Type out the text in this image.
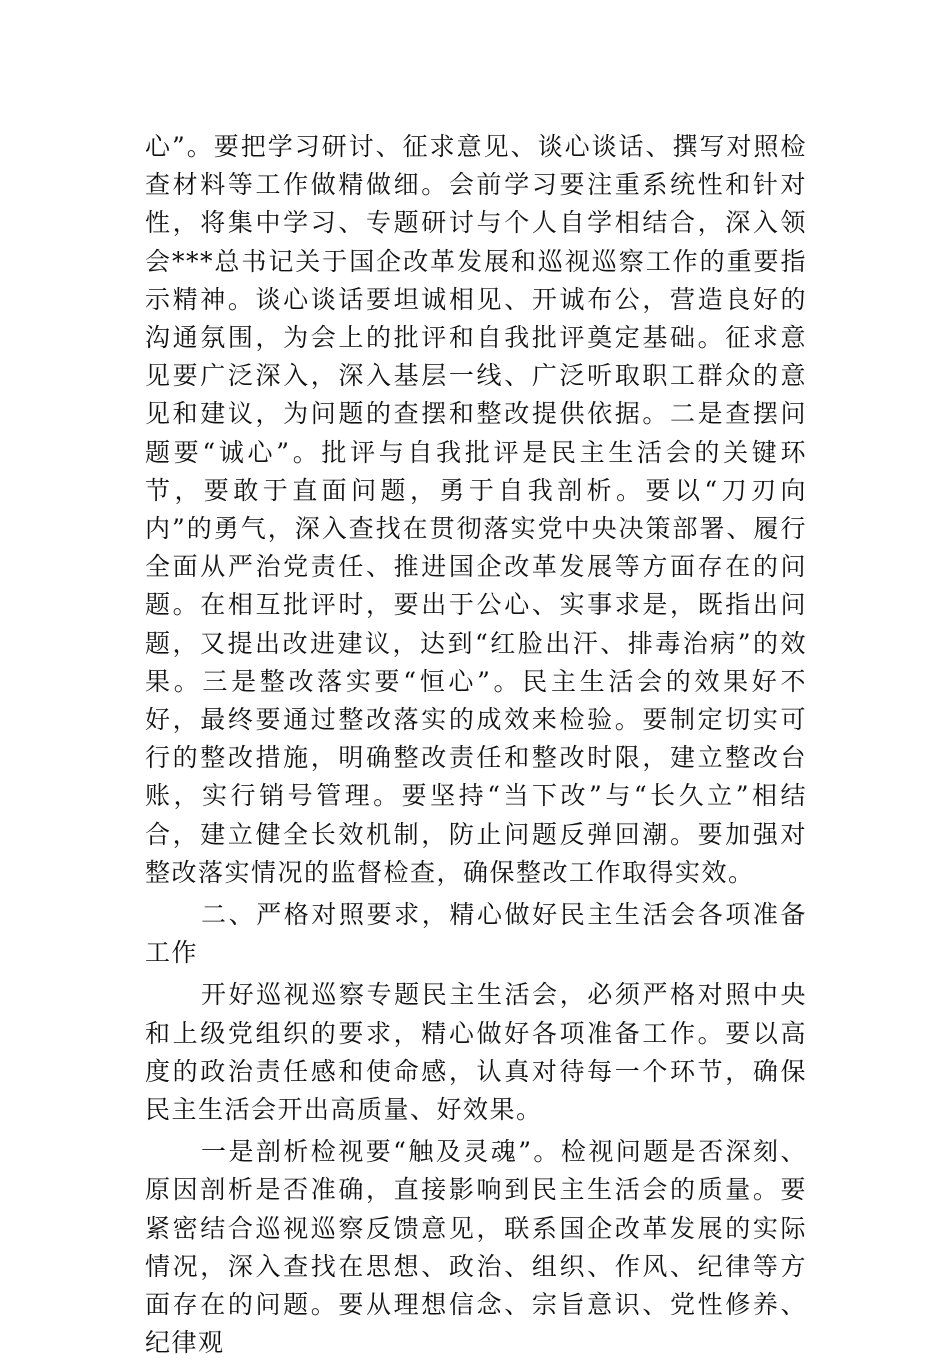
心”。要把学习研讨、征求意见、谈心谈话、撰写对照检查材料等工作做精做细。会前学习要注重系统性和针对性，将集中学习、专题研讨与个人自学相结合，深入领会***总书记关于国企改革发展和巡视巡察工作的重要指示精神。谈心谈话要坦诚相见、开诚布公，营造良好的沟通氛围，为会上的批评和自我批评奠定基础。征求意见要广泛深入，深入基层一线、广泛听取职工群众的意见和建议，为问题的查摆和整改提供依据。二是查摆问题要“诚心”。批评与自我批评是民主生活会的关键环节，要敢于直面问题，勇于自我剖析。要以“刀刃向内”的勇气，深入查找在贯彻落实党中央决策部署、履行全面从严治党责任、推进国企改革发展等方面存在的问题。在相互批评时，要出于公心、实事求是，既指出问题，又提出改进建议，达到“红脸出汗、排毒治病”的效果。三是整改落实要“恒心”。民主生活会的效果好不好，最终要通过整改落实的成效来检验。要制定切实可行的整改措施，明确整改责任和整改时限，建立整改台账，实行销号管理。要坚持“当下改”与“长久立”相结合，建立健全长效机制，防止问题反弹回潮。要加强对整改落实情况的监督检查，确保整改工作取得实效。

二、严格对照要求，精心做好民主生活会各项准备工作

开好巡视巡察专题民主生活会，必须严格对照中央和上级党组织的要求，精心做好各项准备工作。要以高度的政治责任感和使命感，认真对待每一个环节，确保民主生活会开出高质量、好效果。

一是剖析检视要“触及灵魂”。检视问题是否深刻、原因剖析是否准确，直接影响到民主生活会的质量。要紧密结合巡视巡察反馈意见，联系国企改革发展的实际情况，深入查找在思想、政治、组织、作风、纪律等方面存在的问题。要从理想信念、宗旨意识、党性修养、纪律观
